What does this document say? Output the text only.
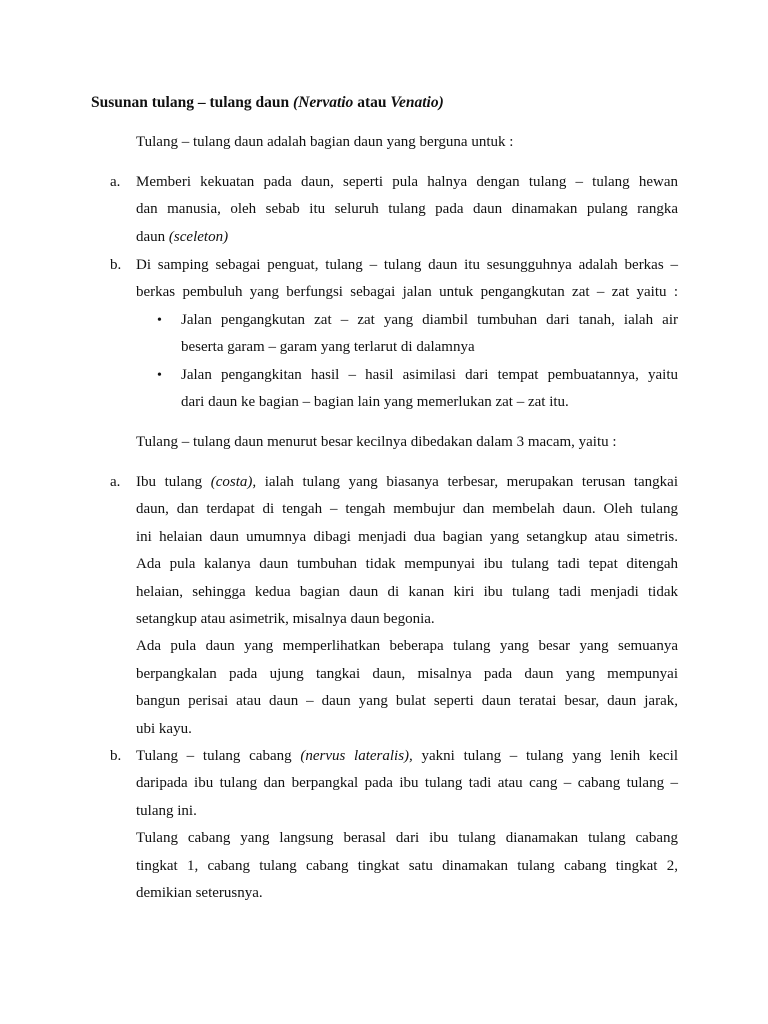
Susunan tulang – tulang daun (Nervatio atau Venatio)
Tulang – tulang daun adalah bagian daun yang berguna untuk :
a. Memberi kekuatan pada daun, seperti pula halnya dengan tulang – tulang hewan
dan manusia, oleh sebab itu seluruh tulang pada daun dinamakan pulang rangka
daun (sceleton)
b. Di samping sebagai penguat, tulang – tulang daun itu sesungguhnya adalah berkas –
berkas pembuluh yang berfungsi sebagai jalan untuk pengangkutan zat – zat yaitu :
• Jalan pengangkutan zat – zat yang diambil tumbuhan dari tanah, ialah air
beserta garam – garam yang terlarut di dalamnya
• Jalan pengangkitan hasil – hasil asimilasi dari tempat pembuatannya, yaitu
dari daun ke bagian – bagian lain yang memerlukan zat – zat itu.
Tulang – tulang daun menurut besar kecilnya dibedakan dalam 3 macam, yaitu :
a. Ibu tulang (costa), ialah tulang yang biasanya terbesar, merupakan terusan tangkai
daun, dan terdapat di tengah – tengah membujur dan membelah daun. Oleh tulang
ini helaian daun umumnya dibagi menjadi dua bagian yang setangkup atau simetris.
Ada pula kalanya daun tumbuhan tidak mempunyai ibu tulang tadi tepat ditengah
helaian, sehingga kedua bagian daun di kanan kiri ibu tulang tadi menjadi tidak
setangkup atau asimetrik, misalnya daun begonia.
Ada pula daun yang memperlihatkan beberapa tulang yang besar yang semuanya
berpangkalan pada ujung tangkai daun, misalnya pada daun yang mempunyai
bangun perisai atau daun – daun yang bulat seperti daun teratai besar, daun jarak,
ubi kayu.
b. Tulang – tulang cabang (nervus lateralis), yakni tulang – tulang yang lenih kecil
daripada ibu tulang dan berpangkal pada ibu tulang tadi atau cang – cabang tulang –
tulang ini.
Tulang cabang yang langsung berasal dari ibu tulang dianamakan tulang cabang
tingkat 1, cabang tulang cabang tingkat satu dinamakan tulang cabang tingkat 2,
demikian seterusnya.
